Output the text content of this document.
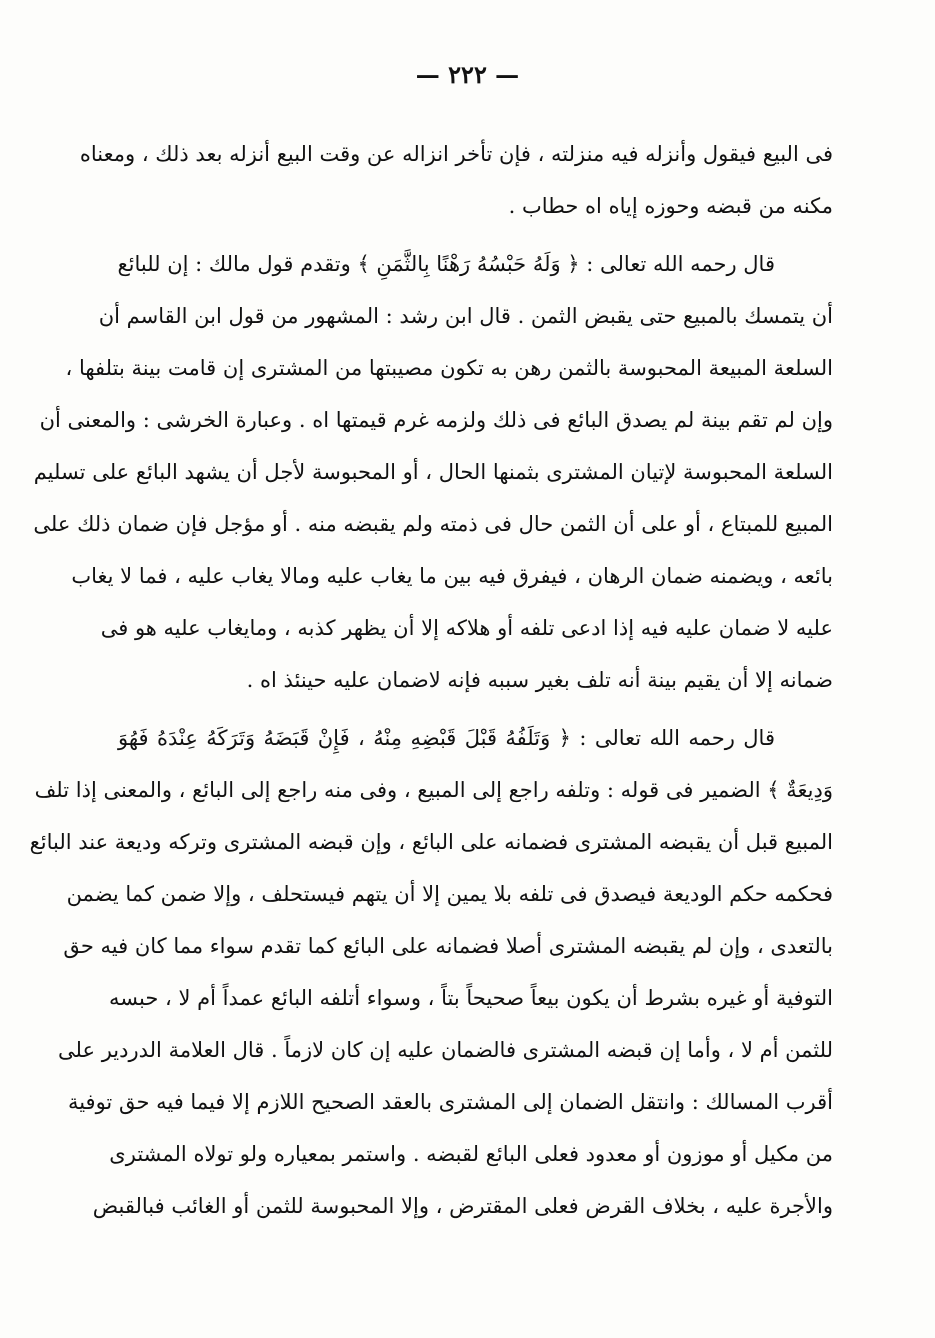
— ٢٢٢ —
فى البيع فيقول وأنزله فيه منزلته ، فإن تأخر انزاله عن وقت البيع أنزله بعد ذلك ، ومعناه
مكنه من قبضه وحوزه إياه اه حطاب .
قال رحمه الله تعالى : ﴿ وَلَهُ حَبْسُهُ رَهْنًا بِالثَّمَنِ ﴾ وتقدم قول مالك : إن للبائع
أن يتمسك بالمبيع حتى يقبض الثمن . قال ابن رشد : المشهور من قول ابن القاسم أن
السلعة المبيعة المحبوسة بالثمن رهن به تكون مصيبتها من المشترى إن قامت بينة بتلفها ،
وإن لم تقم بينة لم يصدق البائع فى ذلك ولزمه غرم قيمتها اه . وعبارة الخرشى : والمعنى أن
السلعة المحبوسة لإتيان المشترى بثمنها الحال ، أو المحبوسة لأجل أن يشهد البائع على تسليم
المبيع للمبتاع ، أو على أن الثمن حال فى ذمته ولم يقبضه منه . أو مؤجل فإن ضمان ذلك على
بائعه ، ويضمنه ضمان الرهان ، فيفرق فيه بين ما يغاب عليه ومالا يغاب عليه ، فما لا يغاب
عليه لا ضمان عليه فيه إذا ادعى تلفه أو هلاكه إلا أن يظهر كذبه ، ومايغاب عليه هو فى
ضمانه إلا أن يقيم بينة أنه تلف بغير سببه فإنه لاضمان عليه حينئذ اه .
قال رحمه الله تعالى : ﴿ وَتَلَفُهُ قَبْلَ قَبْضِهِ مِنْهُ ، فَإِنْ قَبَضَهُ وَتَرَكَهُ عِنْدَهُ فَهُوَ
وَدِيعَةٌ ﴾ الضمير فى قوله : وتلفه راجع إلى المبيع ، وفى منه راجع إلى البائع ، والمعنى إذا تلف
المبيع قبل أن يقبضه المشترى فضمانه على البائع ، وإن قبضه المشترى وتركه وديعة عند البائع
فحكمه حكم الوديعة فيصدق فى تلفه بلا يمين إلا أن يتهم فيستحلف ، وإلا ضمن كما يضمن
بالتعدى ، وإن لم يقبضه المشترى أصلا فضمانه على البائع كما تقدم سواء مما كان فيه حق
التوفية أو غيره بشرط أن يكون بيعاً صحيحاً بتاً ، وسواء أتلفه البائع عمداً أم لا ، حبسه
للثمن أم لا ، وأما إن قبضه المشترى فالضمان عليه إن كان لازماً . قال العلامة الدردير على
أقرب المسالك : وانتقل الضمان إلى المشترى بالعقد الصحيح اللازم إلا فيما فيه حق توفية
من مكيل أو موزون أو معدود فعلى البائع لقبضه . واستمر بمعياره ولو تولاه المشترى
والأجرة عليه ، بخلاف القرض فعلى المقترض ، وإلا المحبوسة للثمن أو الغائب فبالقبض
